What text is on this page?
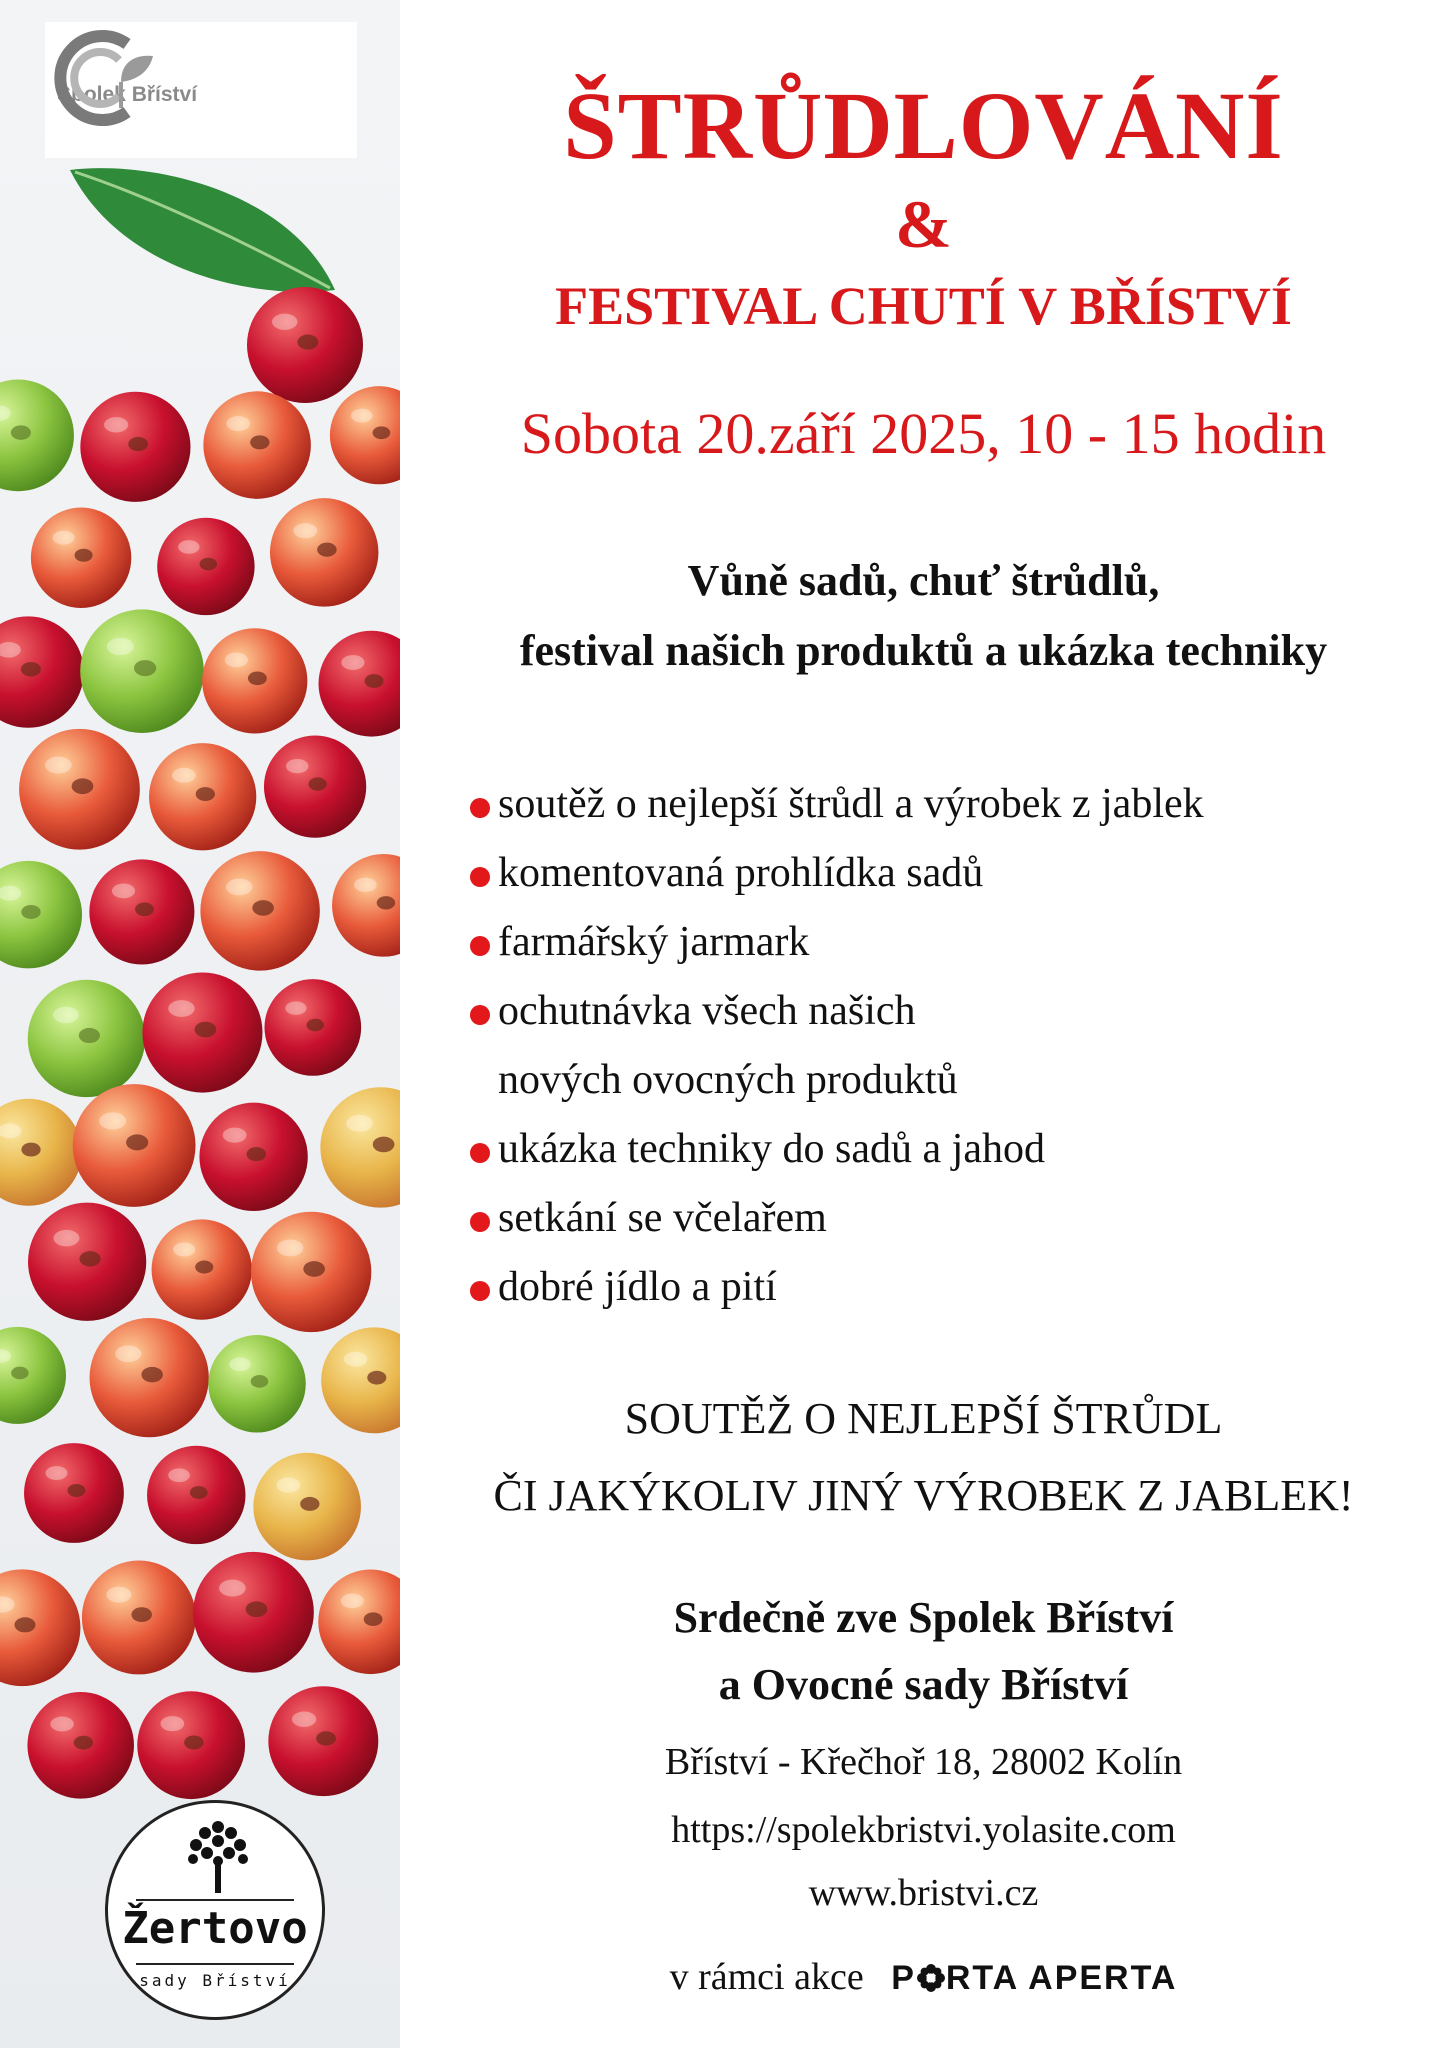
Spolek Bříství
Žertovo
sady Bříství
ŠTRŮDLOVÁNÍ
&
FESTIVAL CHUTÍ V BŘÍSTVÍ
Sobota 20.září 2025, 10 - 15 hodin
Vůně sadů, chuť štrůdlů,
festival našich produktů a ukázka techniky
soutěž o nejlepší štrůdl a výrobek z jablek
komentovaná prohlídka sadů
farmářský jarmark
ochutnávka všech našich
nových ovocných produktů
ukázka techniky do sadů a jahod
setkání se včelařem
dobré jídlo a pití
SOUTĚŽ O NEJLEPŠÍ ŠTRŮDL
ČI JAKÝKOLIV JINÝ VÝROBEK Z JABLEK!
Srdečně zve Spolek Bříství
a Ovocné sady Bříství
Bříství - Křečhoř 18, 28002 Kolín
https://spolekbristvi.yolasite.com
www.bristvi.cz
v rámci akce P RTA APERTA
